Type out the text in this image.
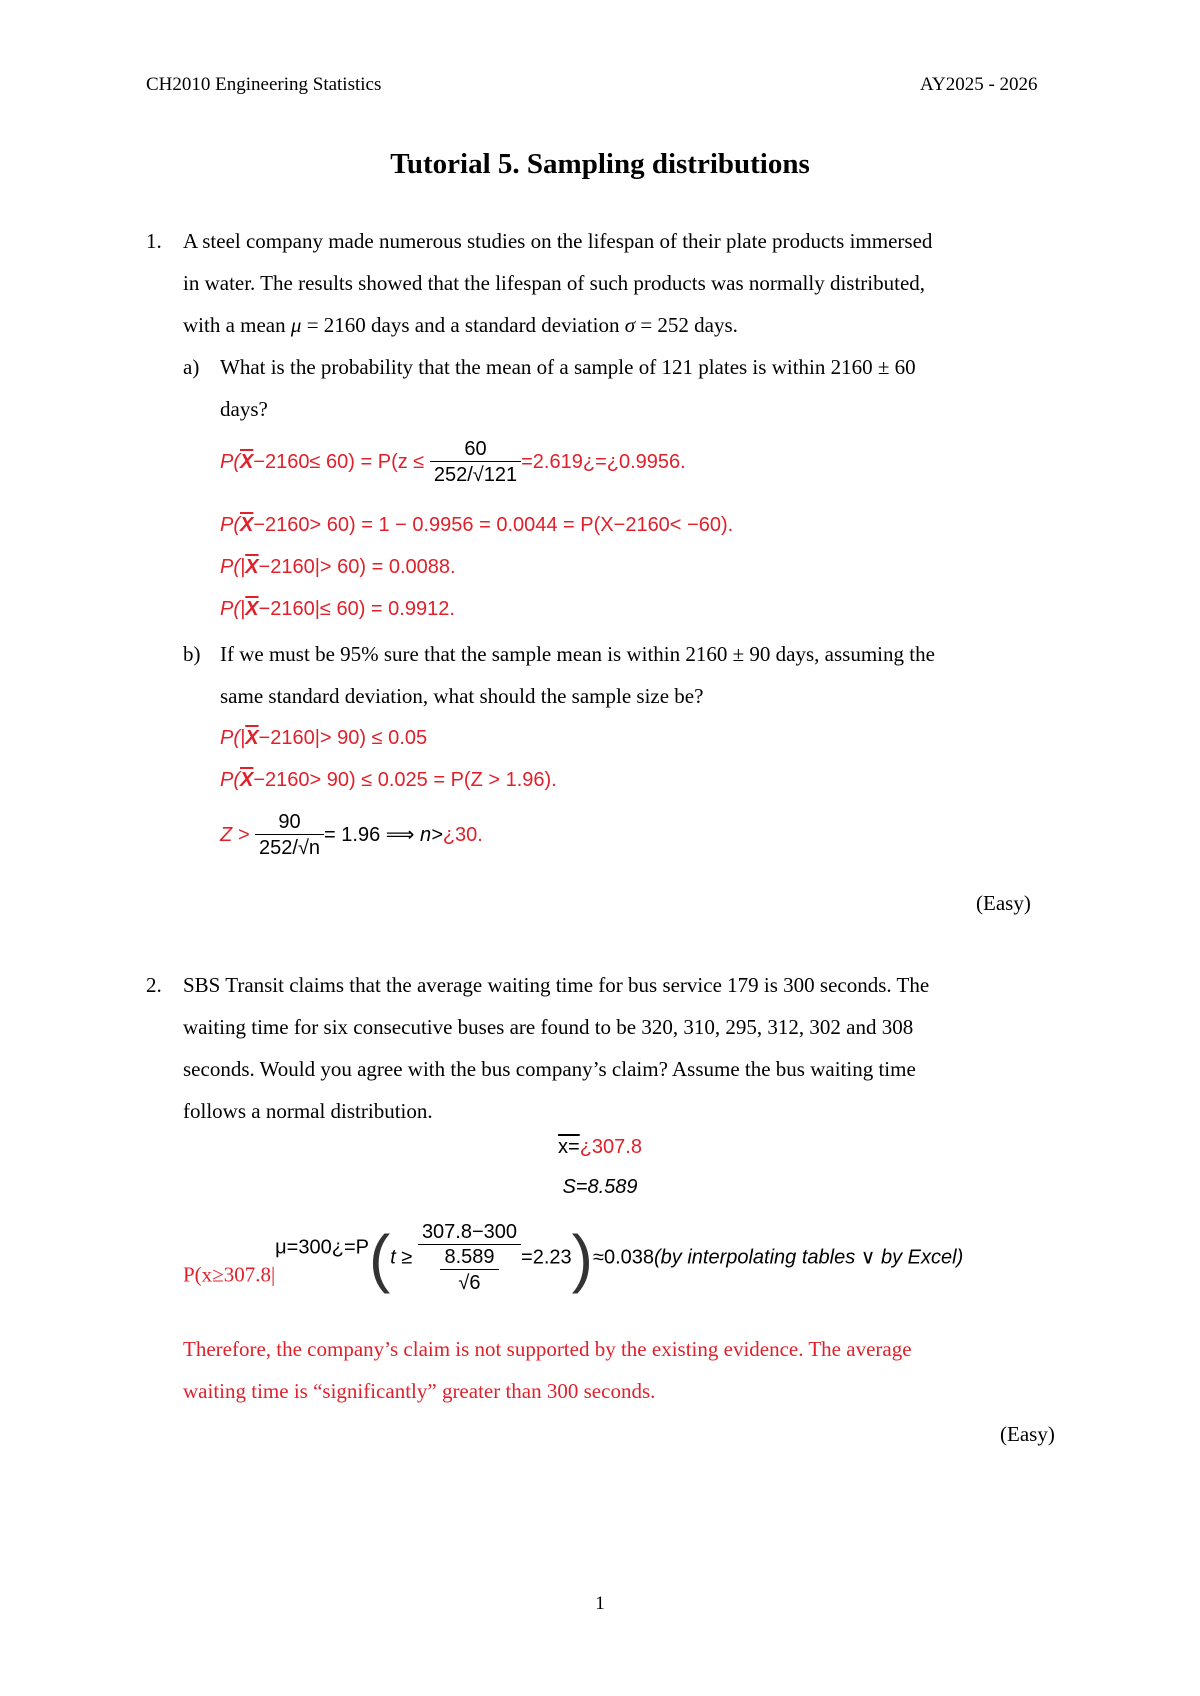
CH2010 Engineering Statistics	AY2025 - 2026
Tutorial 5. Sampling distributions
1. A steel company made numerous studies on the lifespan of their plate products immersed
in water. The results showed that the lifespan of such products was normally distributed,
with a mean μ = 2160 days and a standard deviation σ = 252 days.
a) What is the probability that the mean of a sample of 121 plates is within 2160 ± 60
days?
$P(\overline{X}-2160\le 60) = P(z \le \frac{60}{252/√121}$ =2.619¿=¿0.9956.
$P(\overline{X}-2160> 60) = 1 - 0.9956 = 0.0044 = P(X-2160< -60)$.
$P(|\overline{X}-2160|> 60) = 0.0088$.
$P(|\overline{X}-2160|\le 60) = 0.9912$.
b) If we must be 95% sure that the sample mean is within 2160 ± 90 days, assuming the
same standard deviation, what should the sample size be?
$P(|\overline{X}-2160|> 90) \le 0.05$
$P(\overline{X}-2160> 90) \le 0.025 = P(Z > 1.96)$.
$Z > \frac{90}{252/√n} = 1.96$ ⟹ n>¿30.
(Easy)
2. SBS Transit claims that the average waiting time for bus service 179 is 300 seconds. The
waiting time for six consecutive buses are found to be 320, 310, 295, 312, 302 and 308
seconds. Would you agree with the bus company’s claim? Assume the bus waiting time
follows a normal distribution.
x=¿307.8
S=8.589
P(x≥307.8|μ=300¿=P(t ≥ $\frac{307.8-300}{\frac{8.589}{√6}} =2.23)\approx 0.038(by$ interpolating tables ∨ by Excel)
Therefore, the company’s claim is not supported by the existing evidence. The average
waiting time is “significantly” greater than 300 seconds.
(Easy)
1
